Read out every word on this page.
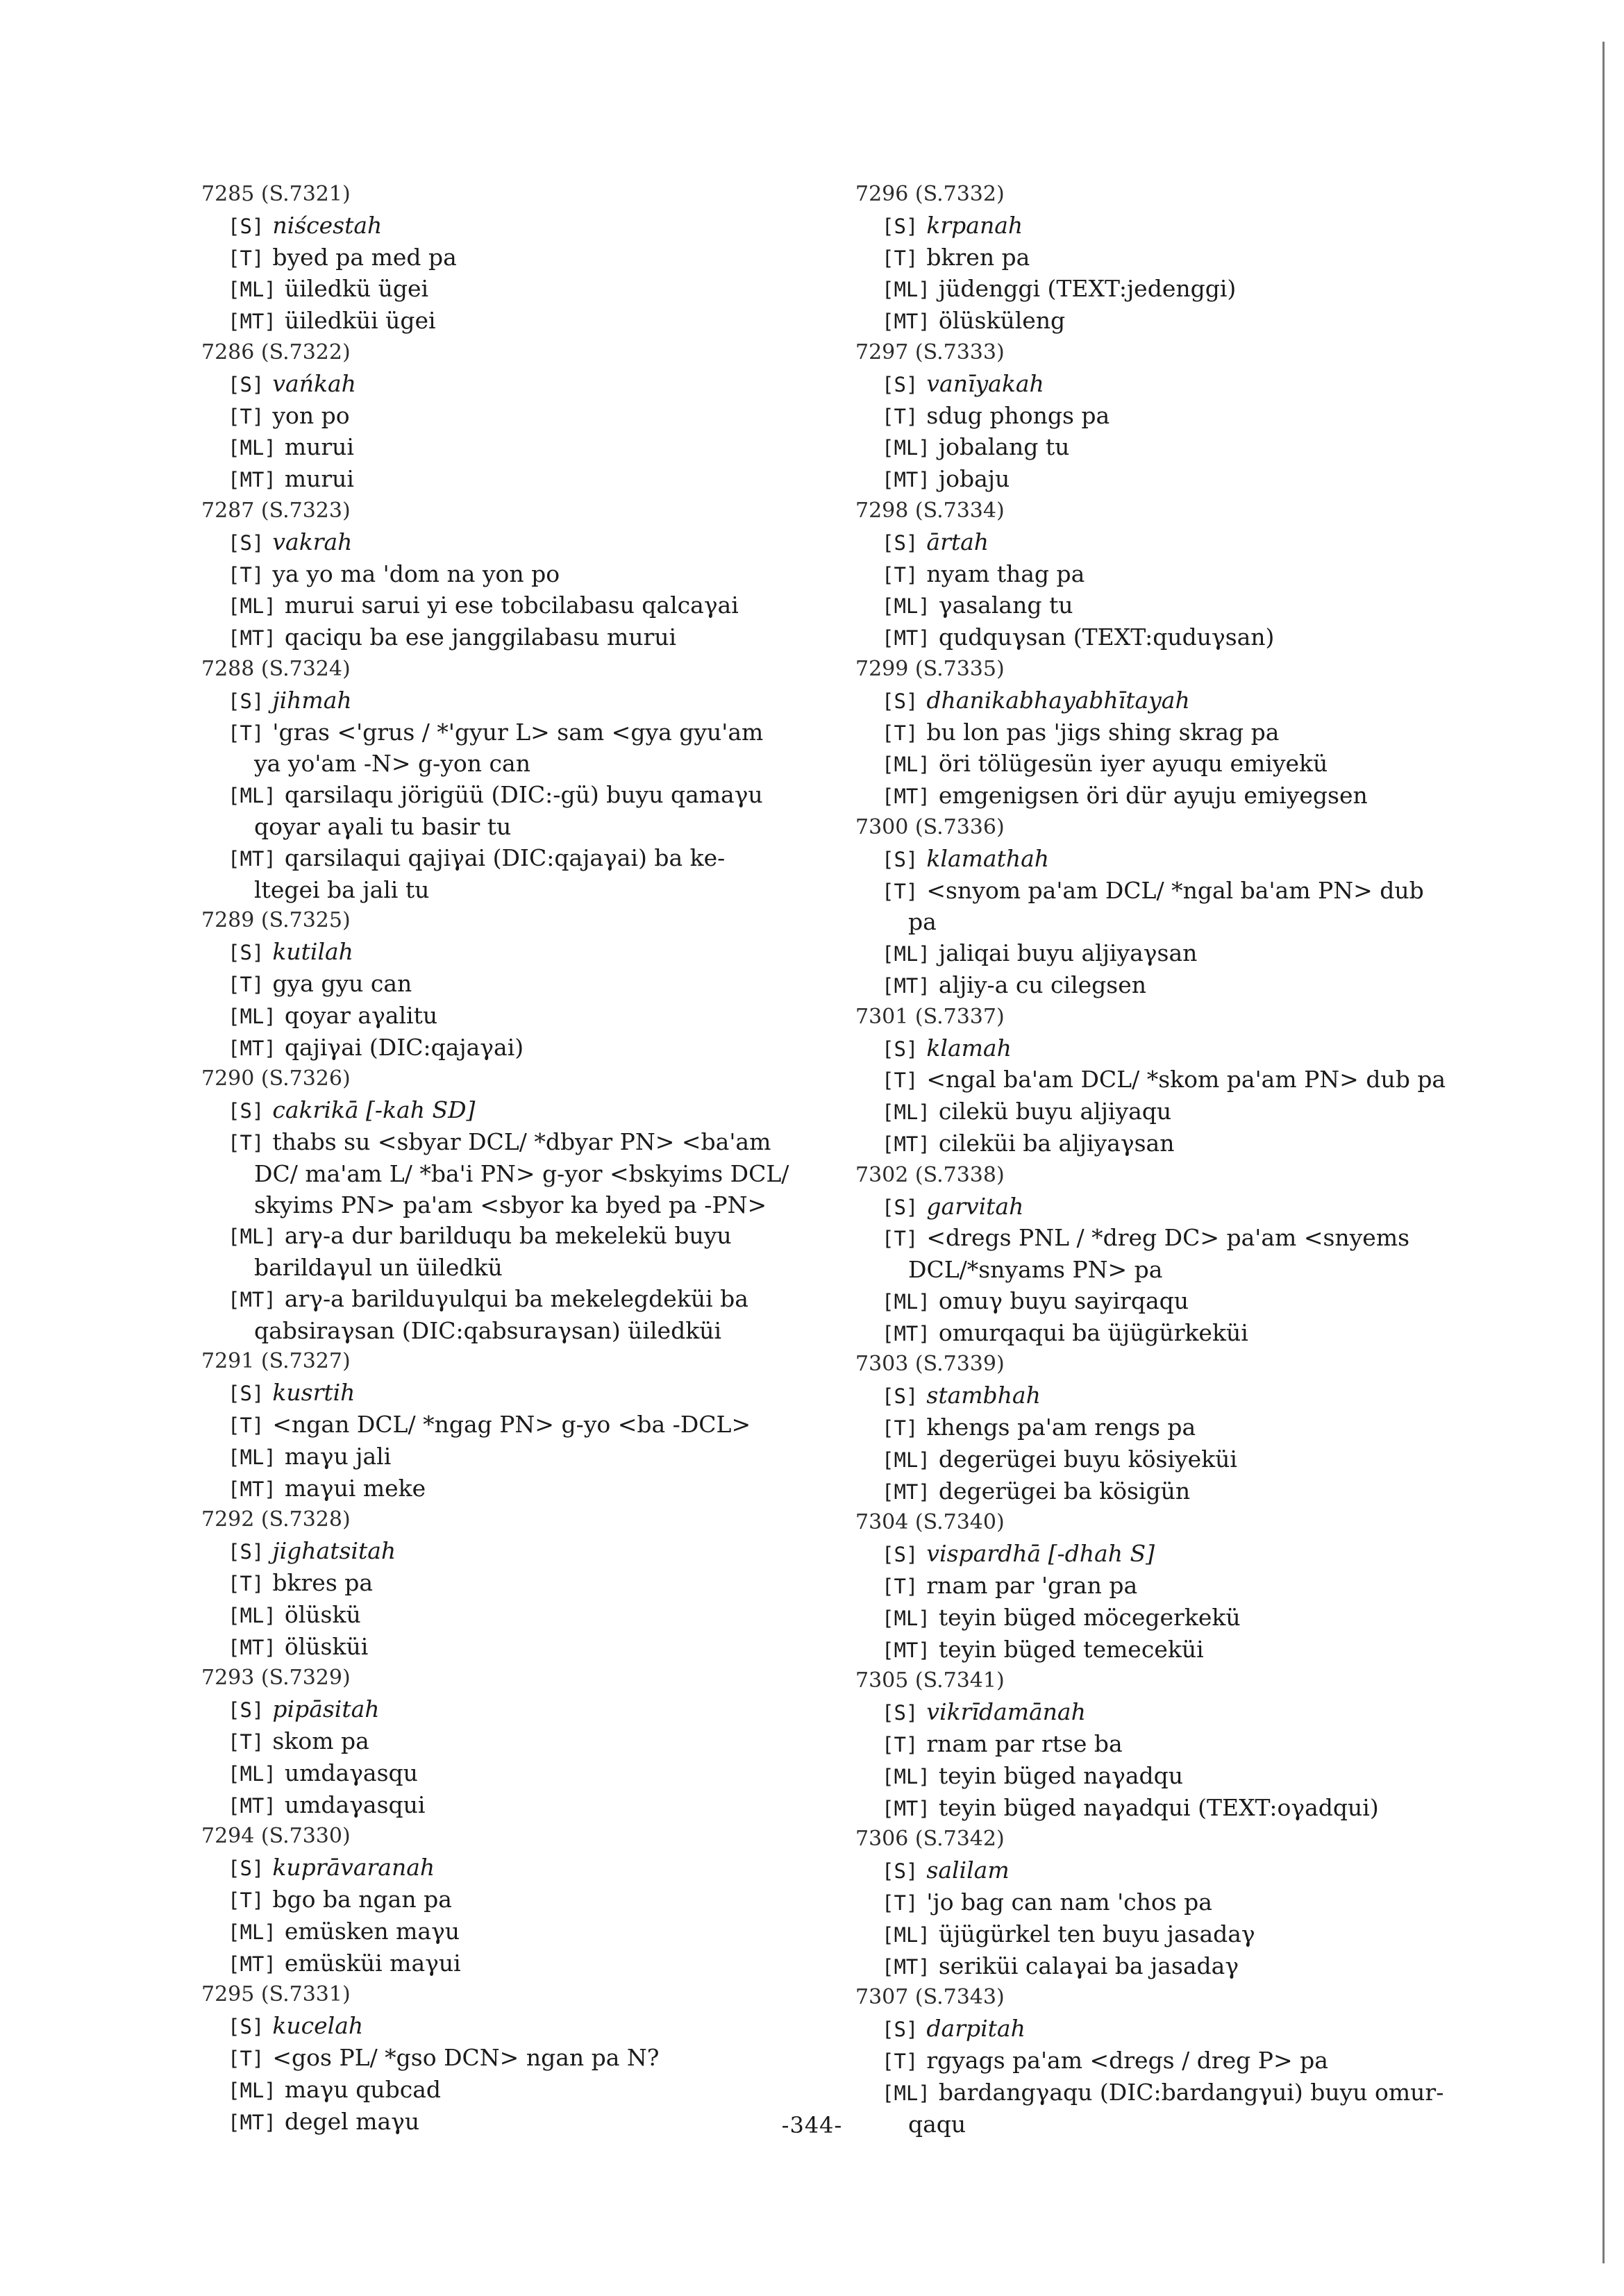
7285 (S.7321)
[S] niścestah
[T] byed pa med pa
[ML] üiledkü ügei
[MT] üiledküi ügei
7286 (S.7322)
[S] vańkah
[T] yon po
[ML] murui
[MT] murui
7287 (S.7323)
[S] vakrah
[T] ya yo ma 'dom na yon po
[ML] murui sarui yi ese tobcilabasu qalcaγai
[MT] qaciqu ba ese janggilabasu murui
7288 (S.7324)
[S] jihmah
[T] 'gras <'grus / *'gyur L> sam <gya gyu'am
ya yo'am -N> g-yon can
[ML] qarsilaqu jörigüü (DIC:-gü) buyu qamaγu
qoyar aγali tu basir tu
[MT] qarsilaqui qajiγai (DIC:qajaγai) ba ke-
ltegei ba jali tu
7289 (S.7325)
[S] kutilah
[T] gya gyu can
[ML] qoyar aγalitu
[MT] qajiγai (DIC:qajaγai)
7290 (S.7326)
[S] cakrikā [-kah SD]
[T] thabs su <sbyar DCL/ *dbyar PN> <ba'am
DC/ ma'am L/ *ba'i PN> g-yor <bskyims DCL/
skyims PN> pa'am <sbyor ka byed pa -PN>
[ML] arγ-a dur barilduqu ba mekelekü buyu
barildaγul un üiledkü
[MT] arγ-a barilduγulqui ba mekelegdeküi ba
qabsiraγsan (DIC:qabsuraγsan) üiledküi
7291 (S.7327)
[S] kusrtih
[T] <ngan DCL/ *ngag PN> g-yo <ba -DCL>
[ML] maγu jali
[MT] maγui meke
7292 (S.7328)
[S] jighatsitah
[T] bkres pa
[ML] ölüskü
[MT] ölüsküi
7293 (S.7329)
[S] pipāsitah
[T] skom pa
[ML] umdaγasqu
[MT] umdaγasqui
7294 (S.7330)
[S] kuprāvaranah
[T] bgo ba ngan pa
[ML] emüsken maγu
[MT] emüsküi maγui
7295 (S.7331)
[S] kucelah
[T] <gos PL/ *gso DCN> ngan pa N?
[ML] maγu qubcad
[MT] degel maγu
7296 (S.7332)
[S] krpanah
[T] bkren pa
[ML] jüdenggi (TEXT:jedenggi)
[MT] ölüsküleng
7297 (S.7333)
[S] vanīyakah
[T] sdug phongs pa
[ML] jobalang tu
[MT] jobaju
7298 (S.7334)
[S] ārtah
[T] nyam thag pa
[ML] γasalang tu
[MT] qudquγsan (TEXT:quduγsan)
7299 (S.7335)
[S] dhanikabhayabhītayah
[T] bu lon pas 'jigs shing skrag pa
[ML] öri tölügesün iyer ayuqu emiyekü
[MT] emgenigsen öri dür ayuju emiyegsen
7300 (S.7336)
[S] klamathah
[T] <snyom pa'am DCL/ *ngal ba'am PN> dub
pa
[ML] jaliqai buyu aljiyaγsan
[MT] aljiy-a cu cilegsen
7301 (S.7337)
[S] klamah
[T] <ngal ba'am DCL/ *skom pa'am PN> dub pa
[ML] cilekü buyu aljiyaqu
[MT] cileküi ba aljiyaγsan
7302 (S.7338)
[S] garvitah
[T] <dregs PNL / *dreg DC> pa'am <snyems
DCL/*snyams PN> pa
[ML] omuγ buyu sayirqaqu
[MT] omurqaqui ba üjügürkeküi
7303 (S.7339)
[S] stambhah
[T] khengs pa'am rengs pa
[ML] degerügei buyu kösiyeküi
[MT] degerügei ba kösigün
7304 (S.7340)
[S] vispardhā [-dhah S]
[T] rnam par 'gran pa
[ML] teyin büged möcegerkekü
[MT] teyin büged temeceküi
7305 (S.7341)
[S] vikrīdamānah
[T] rnam par rtse ba
[ML] teyin büged naγadqu
[MT] teyin büged naγadqui (TEXT:oγadqui)
7306 (S.7342)
[S] salilam
[T] 'jo bag can nam 'chos pa
[ML] üjügürkel ten buyu jasadaγ
[MT] seriküi calaγai ba jasadaγ
7307 (S.7343)
[S] darpitah
[T] rgyags pa'am <dregs / dreg P> pa
[ML] bardangγaqu (DIC:bardangγui) buyu omur-
qaqu
-344-
